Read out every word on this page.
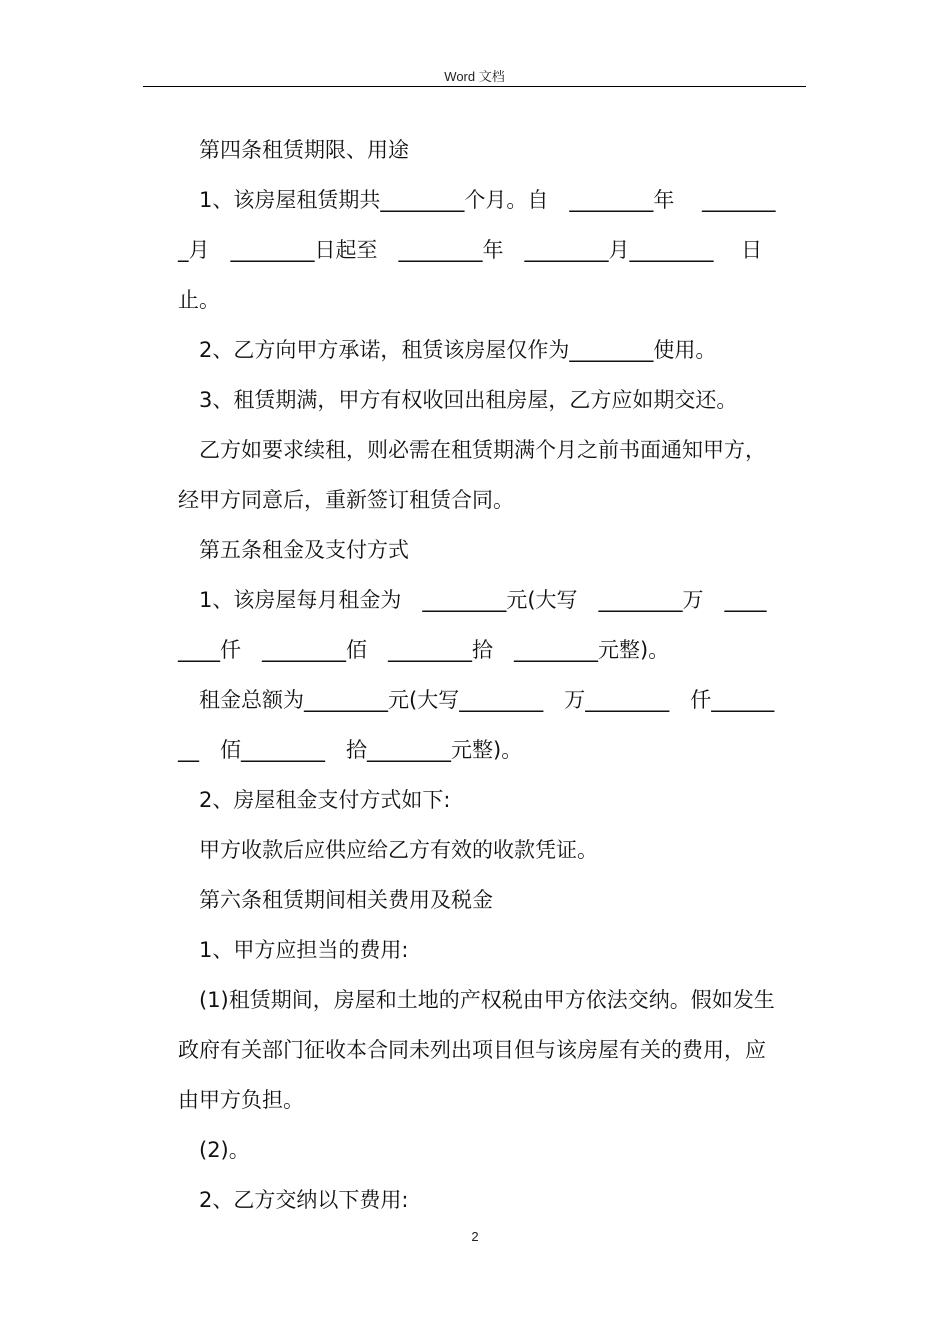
Word 文档
第四条租赁期限、用途
1、该房屋租赁期共________个月。自　________年　 _______
_月　________日起至　________年　________月________　 日
止。
2、乙方向甲方承诺，租赁该房屋仅作为________使用。
3、租赁期满，甲方有权收回出租房屋，乙方应如期交还。
乙方如要求续租，则必需在租赁期满个月之前书面通知甲方，
经甲方同意后，重新签订租赁合同。
第五条租金及支付方式
1、该房屋每月租金为　________元(大写　________万　____
____仟　________佰　________拾　________元整)。
租金总额为________元(大写________　万________　仟______
__　佰________　拾________元整)。
2、房屋租金支付方式如下:
甲方收款后应供应给乙方有效的收款凭证。
第六条租赁期间相关费用及税金
1、甲方应担当的费用:
(1)租赁期间，房屋和土地的产权税由甲方依法交纳。假如发生
政府有关部门征收本合同未列出项目但与该房屋有关的费用，应
由甲方负担。
(2)。
2、乙方交纳以下费用:
2
